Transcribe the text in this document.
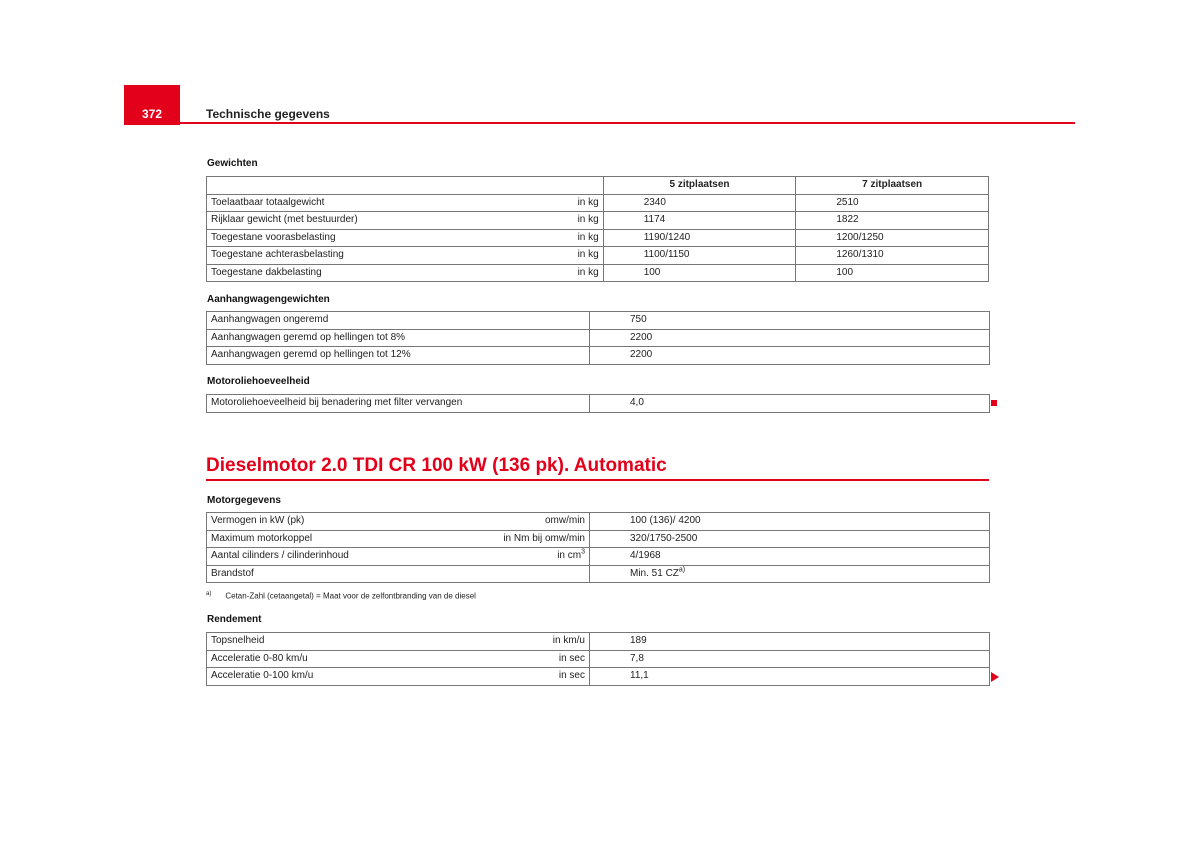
372	Technische gegevens
Gewichten
	5 zitplaatsen	7 zitplaatsen
Toelaatbaar totaalgewicht in kg	2340	2510
Rijklaar gewicht (met bestuurder) in kg	1174	1822
Toegestane voorasbelasting in kg	1190/1240	1200/1250
Toegestane achterasbelasting in kg	1100/1150	1260/1310
Toegestane dakbelasting in kg	100	100
Aanhangwagengewichten
Aanhangwagen ongeremd	750
Aanhangwagen geremd op hellingen tot 8%	2200
Aanhangwagen geremd op hellingen tot 12%	2200
Motoroliehoeveelheid
Motoroliehoeveelheid bij benadering met filter vervangen	4,0
Dieselmotor 2.0 TDI CR 100 kW (136 pk). Automatic
Motorgegevens
Vermogen in kW (pk) omw/min	100 (136)/ 4200
Maximum motorkoppel in Nm bij omw/min	320/1750-2500
Aantal cilinders / cilinderinhoud in $cm^3$	4/1968
Brandstof	Min. 51 CZ$^{a)}$
$^{a)}$ Cetan-Zahl (cetaangetal) = Maat voor de zelfontbranding van de diesel
Rendement
Topsnelheid in km/u	189
Acceleratie 0-80 km/u in sec	7,8
Acceleratie 0-100 km/u in sec	11,1
